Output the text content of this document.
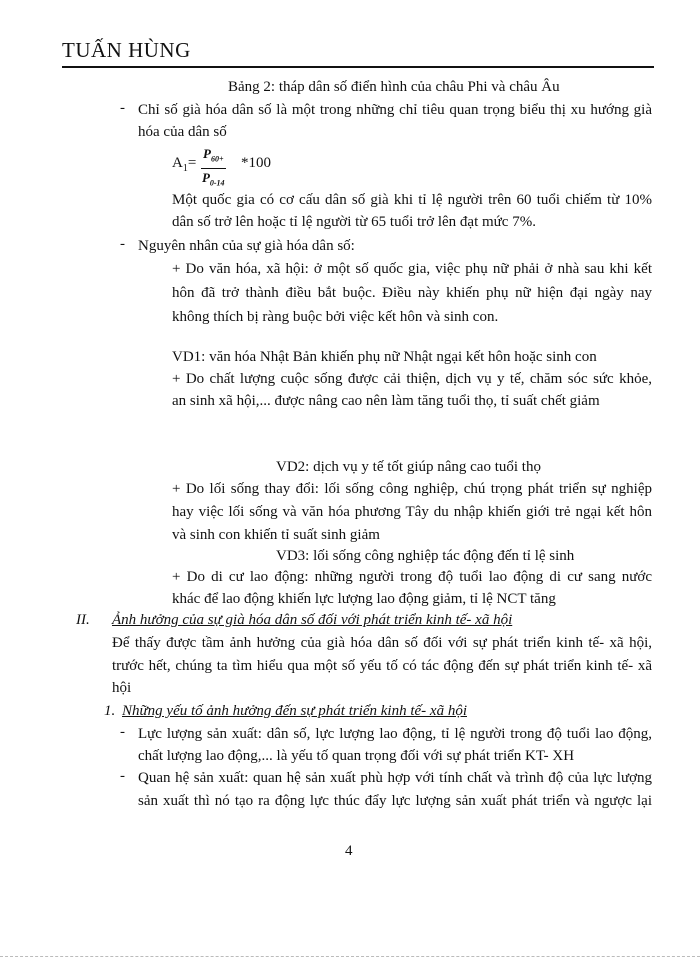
TUẤN HÙNG
Bảng 2: tháp dân số điển hình của châu Phi và châu Âu
- Chỉ số già hóa dân số là một trong những chỉ tiêu quan trọng biểu thị xu hướng già
hóa của dân số
$A_1= \frac{P_{60+}}{P_{0-14}} *100$
Một quốc gia có cơ cấu dân số già khi tỉ lệ người trên 60 tuổi chiếm từ 10%
dân số trở lên hoặc tỉ lệ người từ 65 tuổi trở lên đạt mức 7%.
- Nguyên nhân của sự già hóa dân số:
+ Do văn hóa, xã hội: ở một số quốc gia, việc phụ nữ phải ở nhà sau khi kết
hôn đã trở thành điều bắt buộc. Điều này khiến phụ nữ hiện đại ngày nay
không thích bị ràng buộc bởi việc kết hôn và sinh con.
VD1: văn hóa Nhật Bản khiến phụ nữ Nhật ngại kết hôn hoặc sinh con
+ Do chất lượng cuộc sống được cải thiện, dịch vụ y tế, chăm sóc sức khỏe,
an sinh xã hội,... được nâng cao nên làm tăng tuổi thọ, tỉ suất chết giảm
VD2: dịch vụ y tế tốt giúp nâng cao tuổi thọ
+ Do lối sống thay đổi: lối sống công nghiệp, chú trọng phát triển sự nghiệp
hay việc lối sống và văn hóa phương Tây du nhập khiến giới trẻ ngại kết hôn
và sinh con khiến tỉ suất sinh giảm
VD3: lối sống công nghiệp tác động đến tỉ lệ sinh
+ Do di cư lao động: những người trong độ tuổi lao động di cư sang nước
khác để lao động khiến lực lượng lao động giảm, tỉ lệ NCT tăng
II. Ảnh hưởng của sự già hóa dân số đối với phát triển kinh tế- xã hội
Để thấy được tầm ảnh hưởng của già hóa dân số đối với sự phát triển kinh tế- xã hội,
trước hết, chúng ta tìm hiểu qua một số yếu tố có tác động đến sự phát triển kinh tế- xã
hội
1. Những yếu tố ảnh hưởng đến sự phát triển kinh tế- xã hội
- Lực lượng sản xuất: dân số, lực lượng lao động, tỉ lệ người trong độ tuổi lao động,
chất lượng lao động,... là yếu tố quan trọng đối với sự phát triển KT- XH
- Quan hệ sản xuất: quan hệ sản xuất phù hợp với tính chất và trình độ của lực lượng
sản xuất thì nó tạo ra động lực thúc đẩy lực lượng sản xuất phát triển và ngược lại
4
